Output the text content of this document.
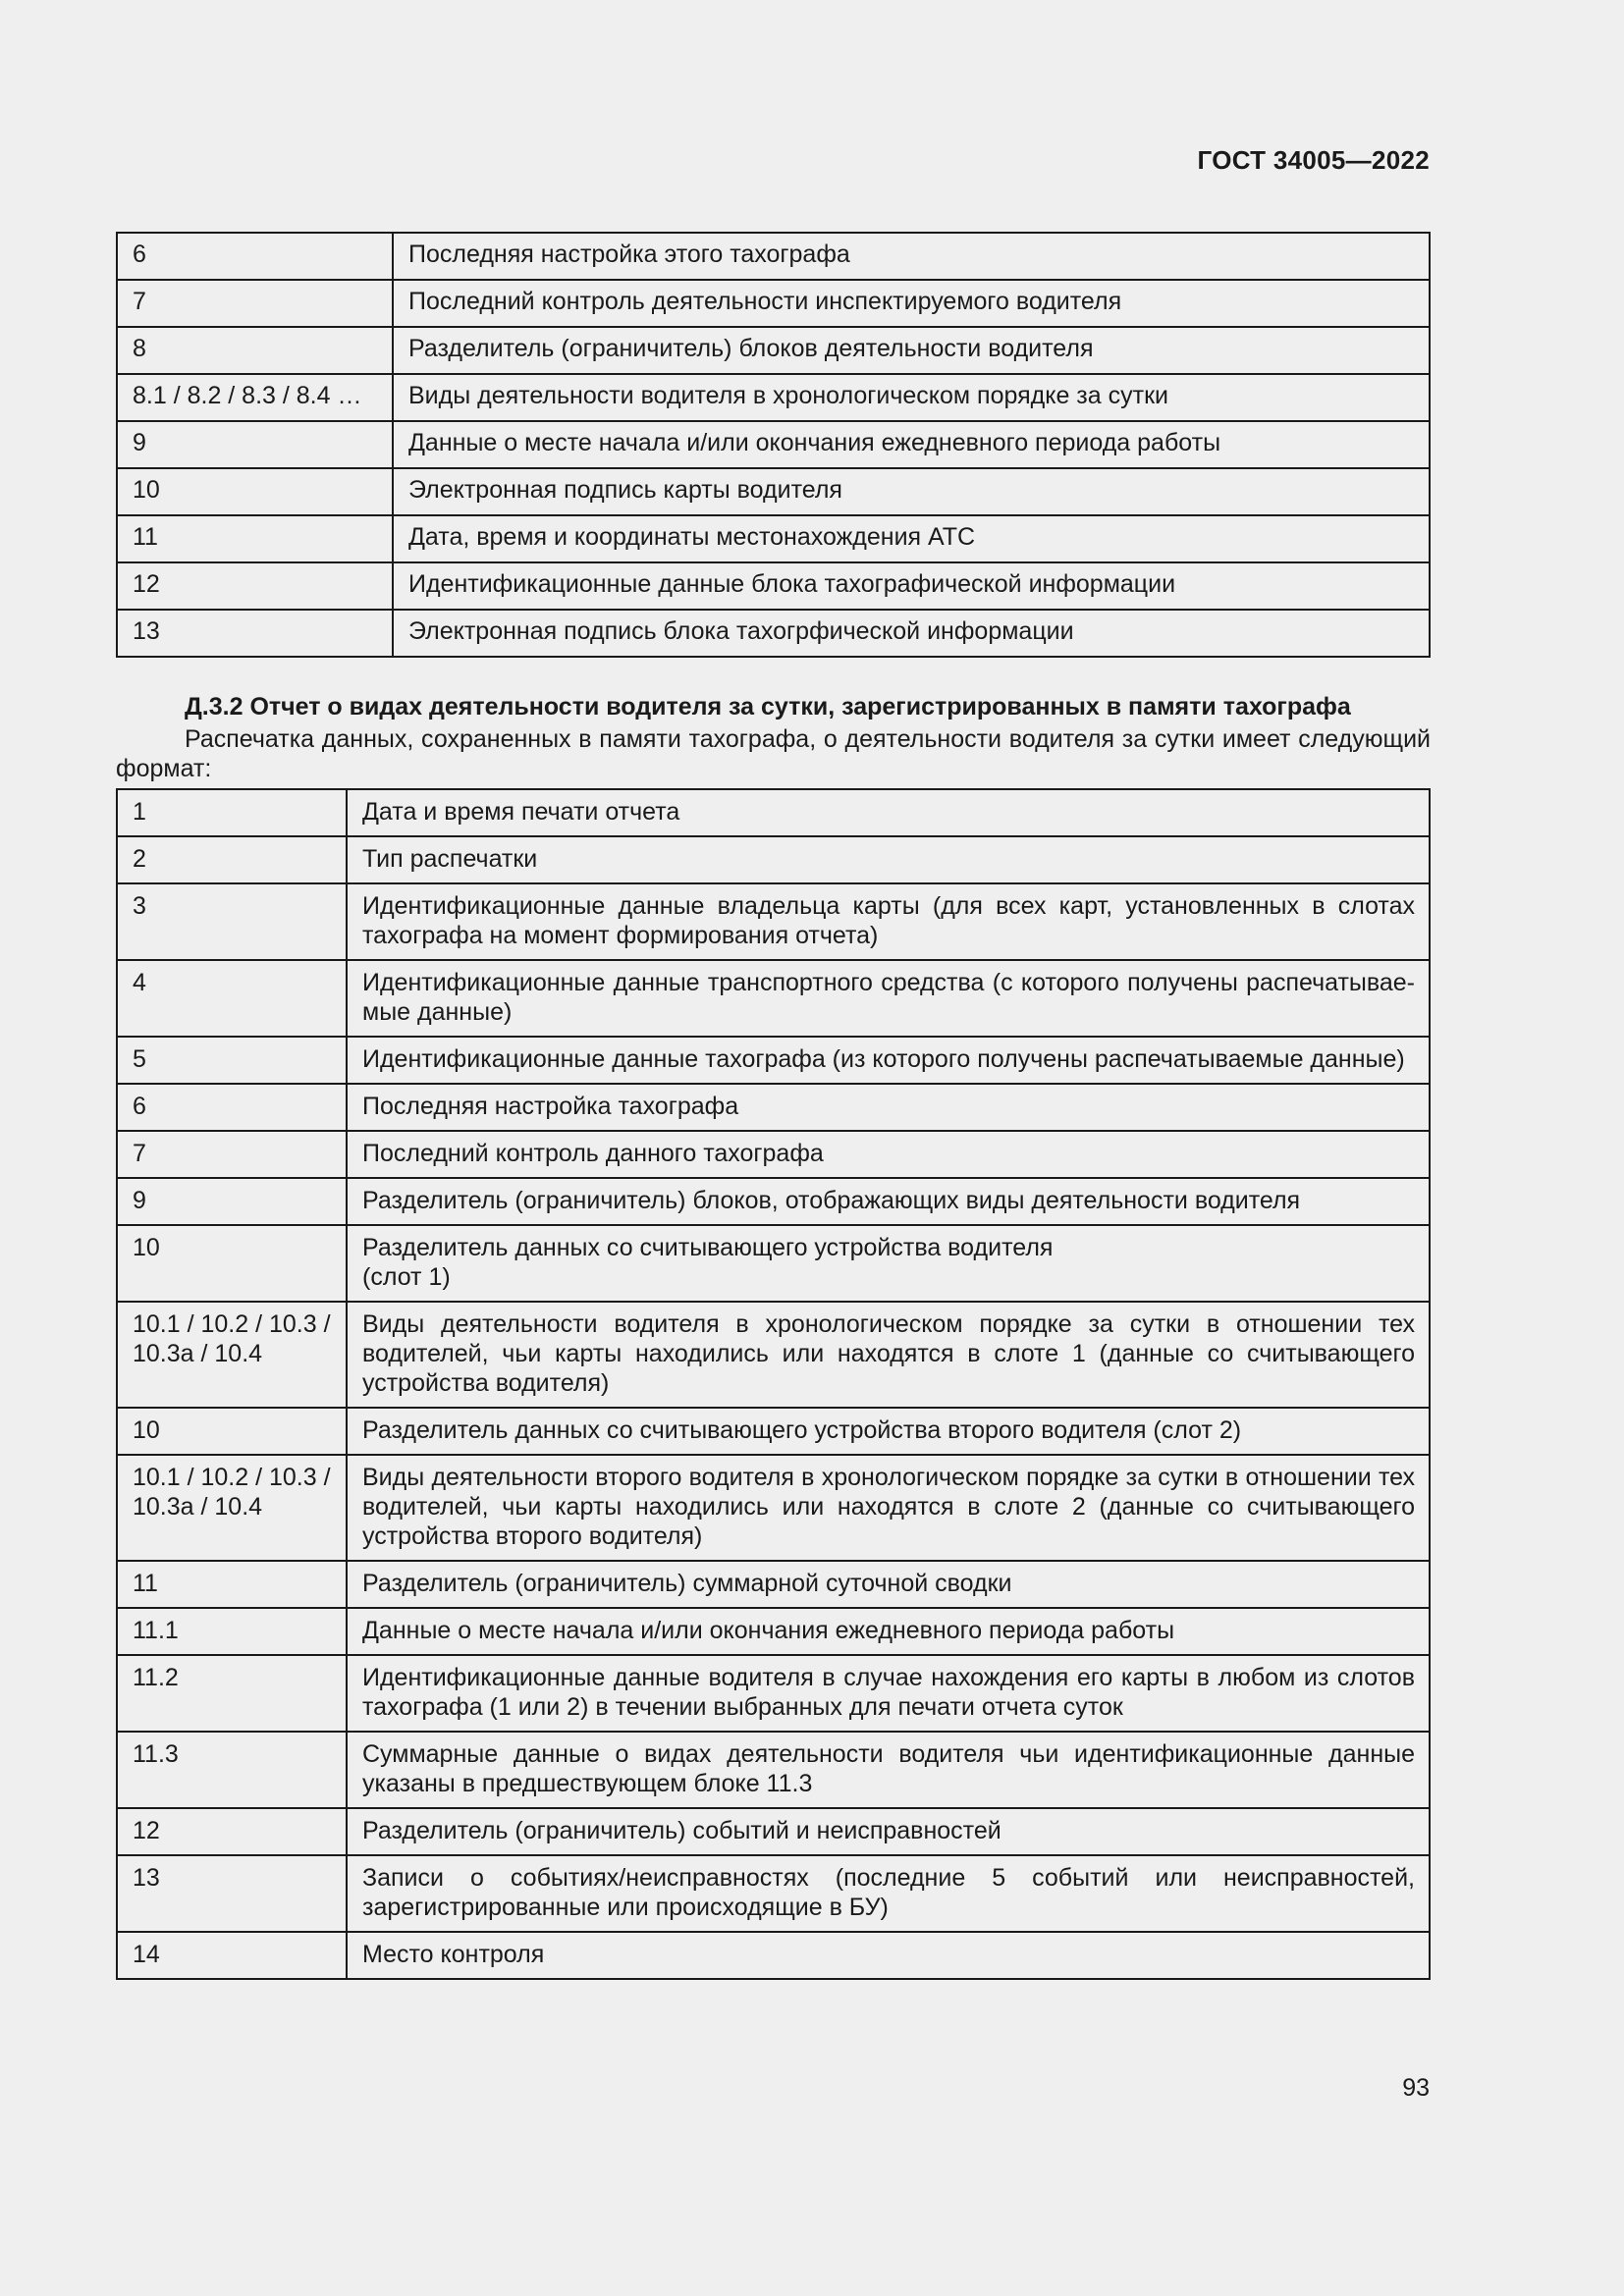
ГОСТ 34005—2022
6	Последняя настройка этого тахографа
7	Последний контроль деятельности инспектируемого водителя
8	Разделитель (ограничитель) блоков деятельности водителя
8.1 / 8.2 / 8.3 / 8.4 …	Виды деятельности водителя в хронологическом порядке за сутки
9	Данные о месте начала и/или окончания ежедневного периода работы
10	Электронная подпись карты водителя
11	Дата, время и координаты местонахождения АТС
12	Идентификационные данные блока тахографической информации
13	Электронная подпись блока тахогрфической информации
Д.3.2 Отчет о видах деятельности водителя за сутки, зарегистрированных в памяти тахографа
Распечатка данных, сохраненных в памяти тахографа, о деятельности водителя за сутки имеет следующий формат:
1	Дата и время печати отчета
2	Тип распечатки
3	Идентификационные данные владельца карты (для всех карт, установленных в слотах тахографа на момент формирования отчета)
4	Идентификационные данные транспортного средства (с которого получены распечатывае-мые данные)
5	Идентификационные данные тахографа (из которого получены распечатываемые данные)
6	Последняя настройка тахографа
7	Последний контроль данного тахографа
9	Разделитель (ограничитель) блоков, отображающих виды деятельности водителя
10	Разделитель данных со считывающего устройства водителя
(слот 1)
10.1 / 10.2 / 10.3 / 10.3а / 10.4	Виды деятельности водителя в хронологическом порядке за сутки в отношении тех водителей, чьи карты находились или находятся в слоте 1 (данные со считывающего устройства водителя)
10	Разделитель данных со считывающего устройства второго водителя (слот 2)
10.1 / 10.2 / 10.3 / 10.3а / 10.4	Виды деятельности второго водителя в хронологическом порядке за сутки в отношении тех водителей, чьи карты находились или находятся в слоте 2 (данные со считывающего устройства второго водителя)
11	Разделитель (ограничитель) суммарной суточной сводки
11.1	Данные о месте начала и/или окончания ежедневного периода работы
11.2	Идентификационные данные водителя в случае нахождения его карты в любом из слотов тахографа (1 или 2) в течении выбранных для печати отчета суток
11.3	Суммарные данные о видах деятельности водителя чьи идентификационные данные указаны в предшествующем блоке 11.3
12	Разделитель (ограничитель) событий и неисправностей
13	Записи о событиях/неисправностях (последние 5 событий или неисправностей, зарегистрированные или происходящие в БУ)
14	Место контроля
93
